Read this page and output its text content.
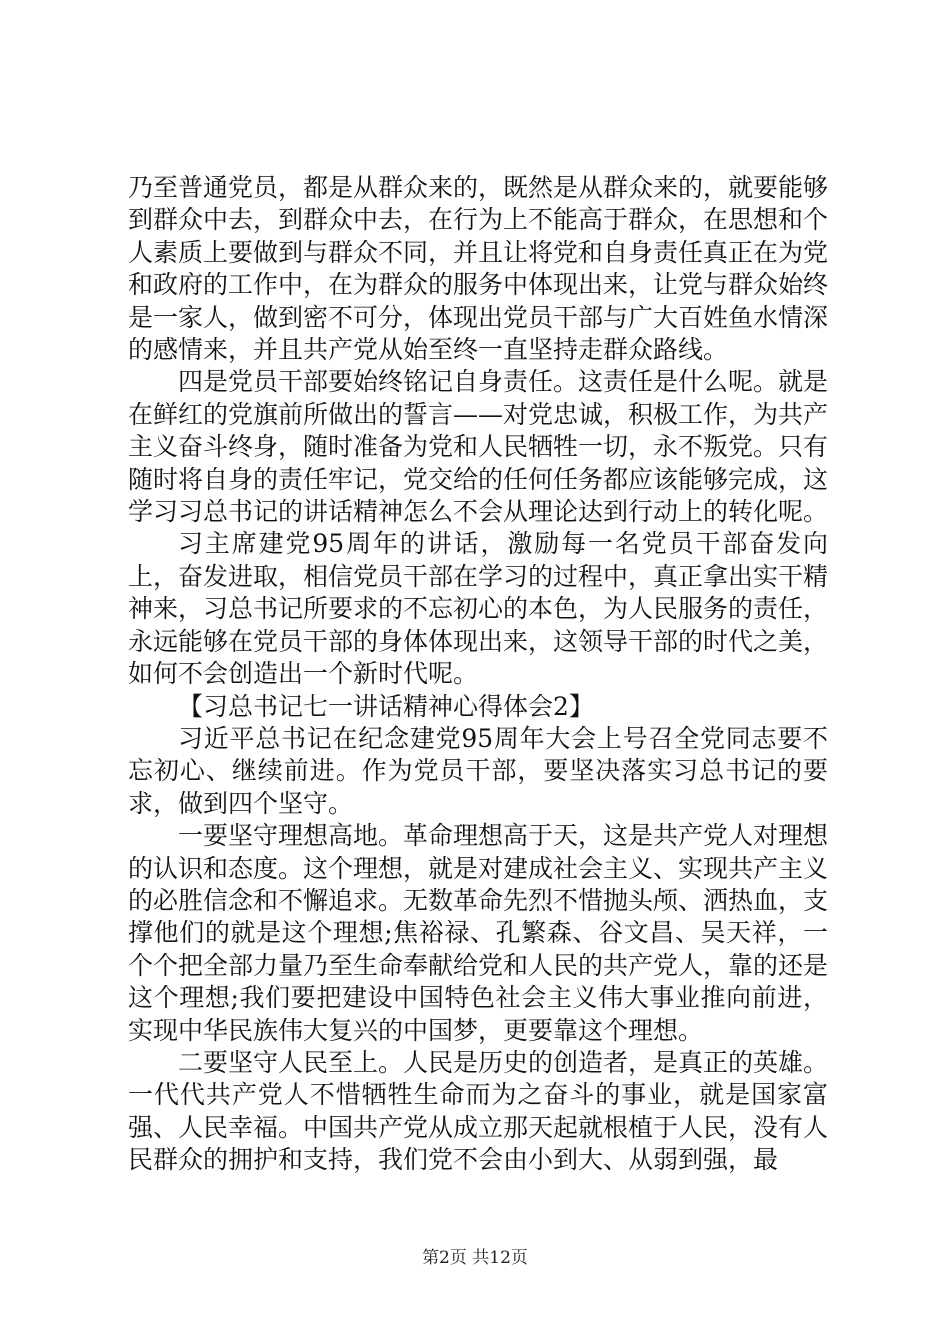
乃至普通党员，都是从群众来的，既然是从群众来的，就要能够到群众中去，到群众中去，在行为上不能高于群众，在思想和个人素质上要做到与群众不同，并且让将党和自身责任真正在为党和政府的工作中，在为群众的服务中体现出来，让党与群众始终是一家人，做到密不可分，体现出党员干部与广大百姓鱼水情深的感情来，并且共产党从始至终一直坚持走群众路线。

四是党员干部要始终铭记自身责任。这责任是什么呢。就是在鲜红的党旗前所做出的誓言——对党忠诚，积极工作，为共产主义奋斗终身，随时准备为党和人民牺牲一切，永不叛党。只有随时将自身的责任牢记，党交给的任何任务都应该能够完成，这学习习总书记的讲话精神怎么不会从理论达到行动上的转化呢。

习主席建党95周年的讲话，激励每一名党员干部奋发向上，奋发进取，相信党员干部在学习的过程中，真正拿出实干精神来，习总书记所要求的不忘初心的本色，为人民服务的责任，永远能够在党员干部的身体体现出来，这领导干部的时代之美，如何不会创造出一个新时代呢。

【习总书记七一讲话精神心得体会2】

习近平总书记在纪念建党95周年大会上号召全党同志要不忘初心、继续前进。作为党员干部，要坚决落实习总书记的要求，做到四个坚守。

一要坚守理想高地。革命理想高于天，这是共产党人对理想的认识和态度。这个理想，就是对建成社会主义、实现共产主义的必胜信念和不懈追求。无数革命先烈不惜抛头颅、洒热血，支撑他们的就是这个理想;焦裕禄、孔繁森、谷文昌、吴天祥，一个个把全部力量乃至生命奉献给党和人民的共产党人，靠的还是这个理想;我们要把建设中国特色社会主义伟大事业推向前进，实现中华民族伟大复兴的中国梦，更要靠这个理想。

二要坚守人民至上。人民是历史的创造者，是真正的英雄。一代代共产党人不惜牺牲生命而为之奋斗的事业，就是国家富强、人民幸福。中国共产党从成立那天起就根植于人民，没有人民群众的拥护和支持，我们党不会由小到大、从弱到强，最

第2页 共12页
